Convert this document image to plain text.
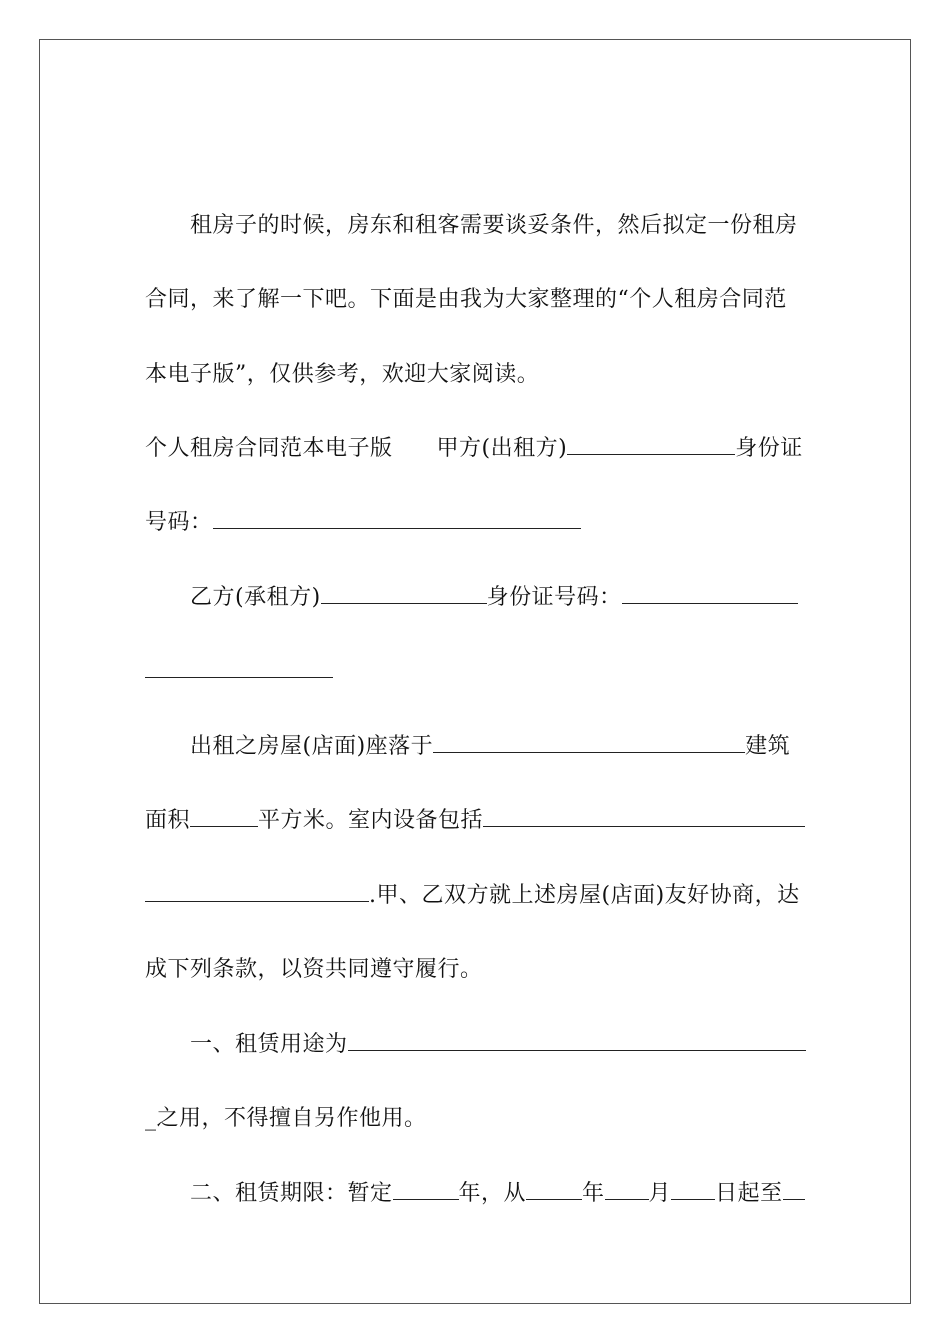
租房子的时候，房东和租客需要谈妥条件，然后拟定一份租房
合同，来了解一下吧。下面是由我为大家整理的“个人租房合同范
本电子版”，仅供参考，欢迎大家阅读。
个人租房合同范本电子版 甲方(出租方)	身份证
号码：
乙方(承租方)	身份证号码：
出租之房屋(店面)座落于	建筑
面积	平方米。室内设备包括
.甲、乙双方就上述房屋(店面)友好协商，达
成下列条款，以资共同遵守履行。
一、租赁用途为
_之用，不得擅自另作他用。
二、租赁期限：暂定	年，从	年 月 日起至
